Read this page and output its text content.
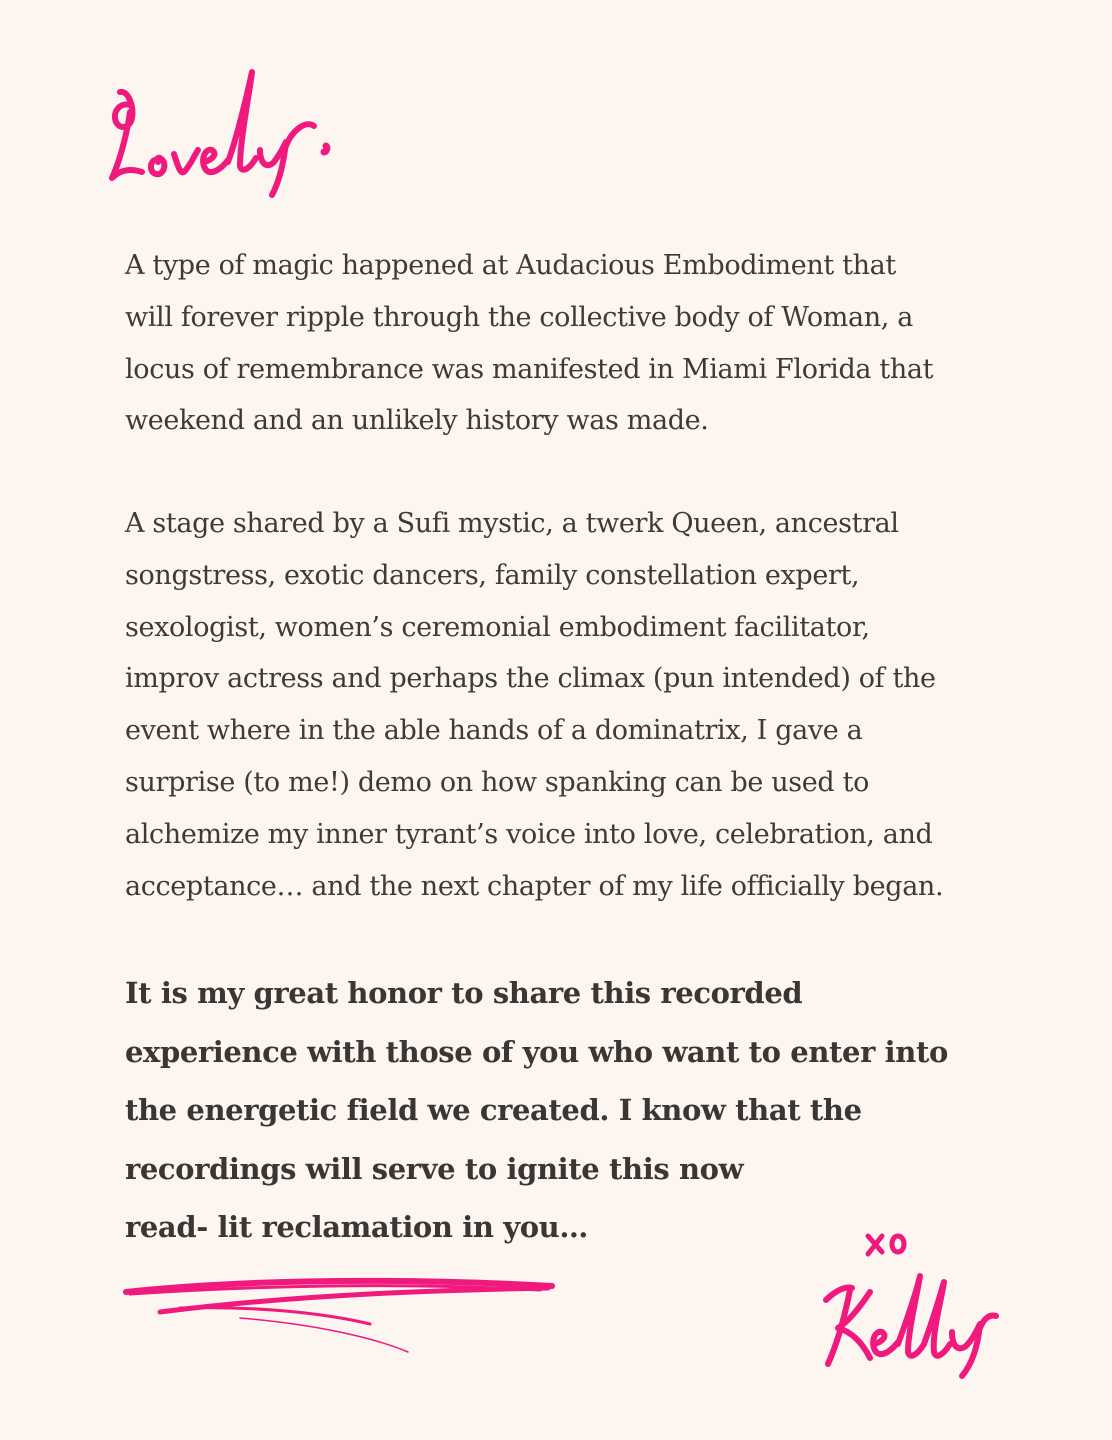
A type of magic happened at Audacious Embodiment that
will forever ripple through the collective body of Woman, a
locus of remembrance was manifested in Miami Florida that
weekend and an unlikely history was made.
A stage shared by a Sufi mystic, a twerk Queen, ancestral
songstress, exotic dancers, family constellation expert,
sexologist, women’s ceremonial embodiment facilitator,
improv actress and perhaps the climax (pun intended) of the
event where in the able hands of a dominatrix, I gave a
surprise (to me!) demo on how spanking can be used to
alchemize my inner tyrant’s voice into love, celebration, and
acceptance… and the next chapter of my life officially began.
It is my great honor to share this recorded
experience with those of you who want to enter into
the energetic field we created. I know that the
recordings will serve to ignite this now
read- lit reclamation in you…
